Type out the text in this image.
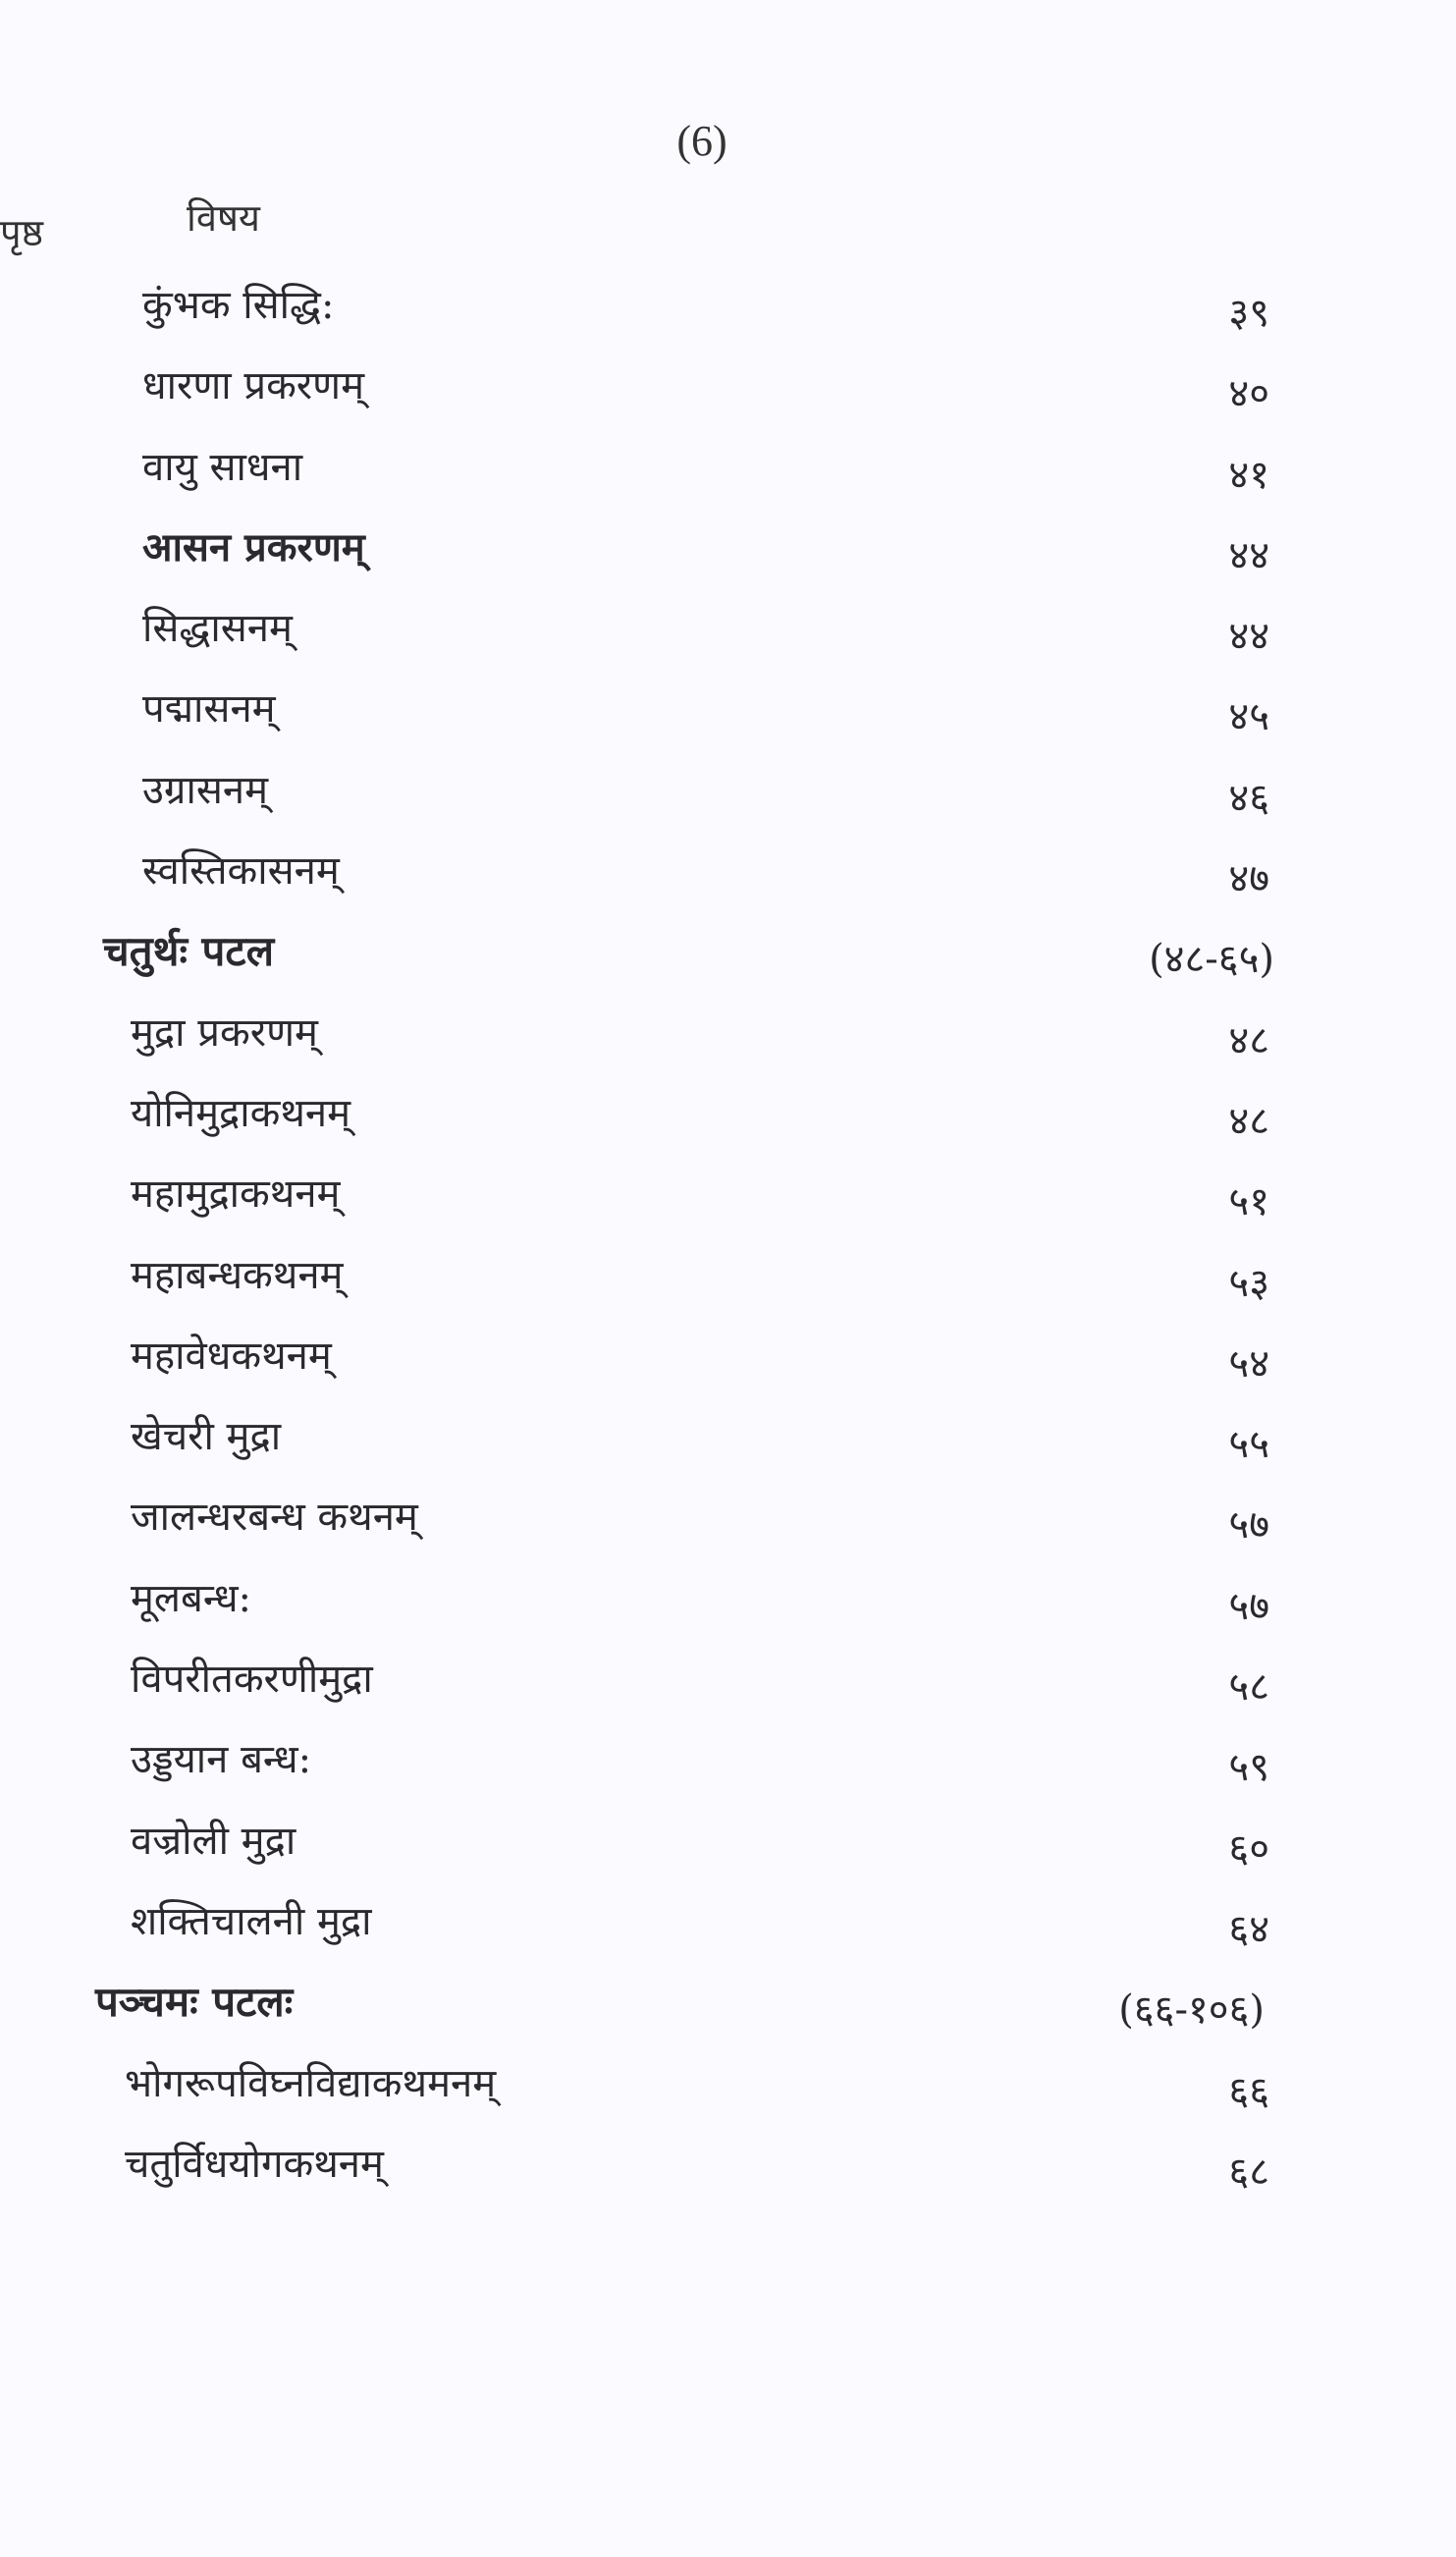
(6)
विषय
पृष्ठ
कुंभक सिद्धि:	३९
धारणा प्रकरणम्	४०
वायु साधना	४१
आसन प्रकरणम्	४४
सिद्धासनम्	४४
पद्मासनम्	४५
उग्रासनम्	४६
स्वस्तिकासनम्	४७
चतुर्थः पटल	(४८-६५)
मुद्रा प्रकरणम्	४८
योनिमुद्राकथनम्	४८
महामुद्राकथनम्	५१
महाबन्धकथनम्	५३
महावेधकथनम्	५४
खेचरी मुद्रा	५५
जालन्धरबन्ध कथनम्	५७
मूलबन्ध:	५७
विपरीतकरणीमुद्रा	५८
उड्डयान बन्ध:	५९
वज्रोली मुद्रा	६०
शक्तिचालनी मुद्रा	६४
पञ्चमः पटलः	(६६-१०६)
भोगरूपविघ्नविद्याकथमनम्	६६
चतुर्विधयोगकथनम्	६८
